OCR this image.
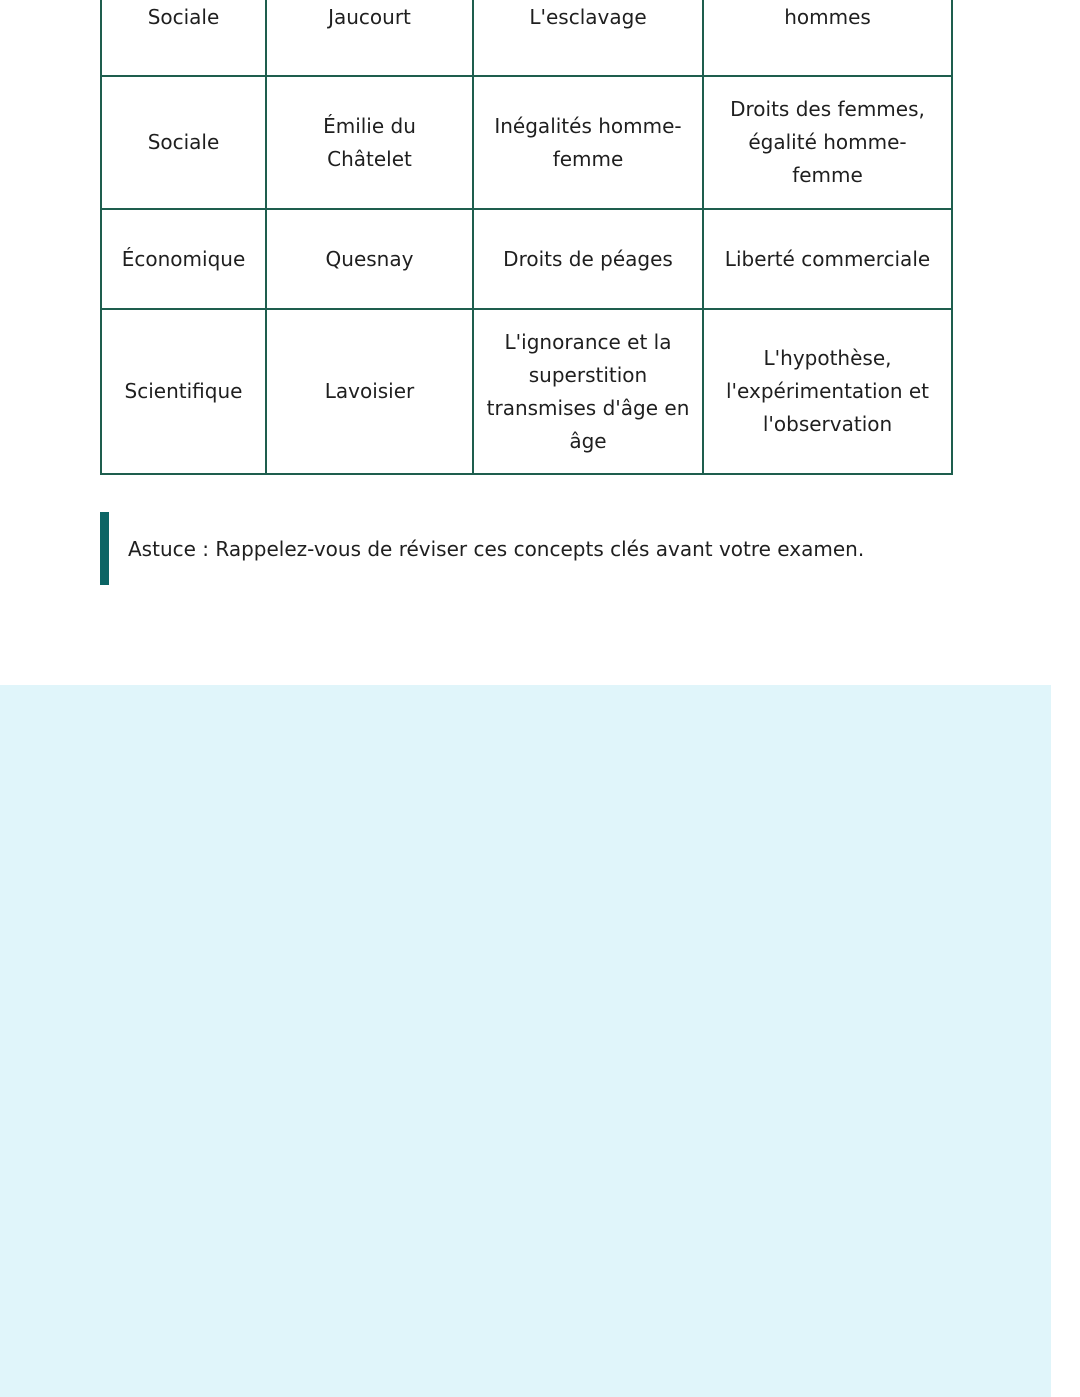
Sociale	Jaucourt	L'esclavage	hommes
Sociale	Émilie du Châtelet	Inégalités homme-femme	Droits des femmes, égalité homme-femme
Économique	Quesnay	Droits de péages	Liberté commerciale
Scientifique	Lavoisier	L'ignorance et la superstition transmises d'âge en âge	L'hypothèse, l'expérimentation et l'observation
Astuce : Rappelez-vous de réviser ces concepts clés avant votre examen.
